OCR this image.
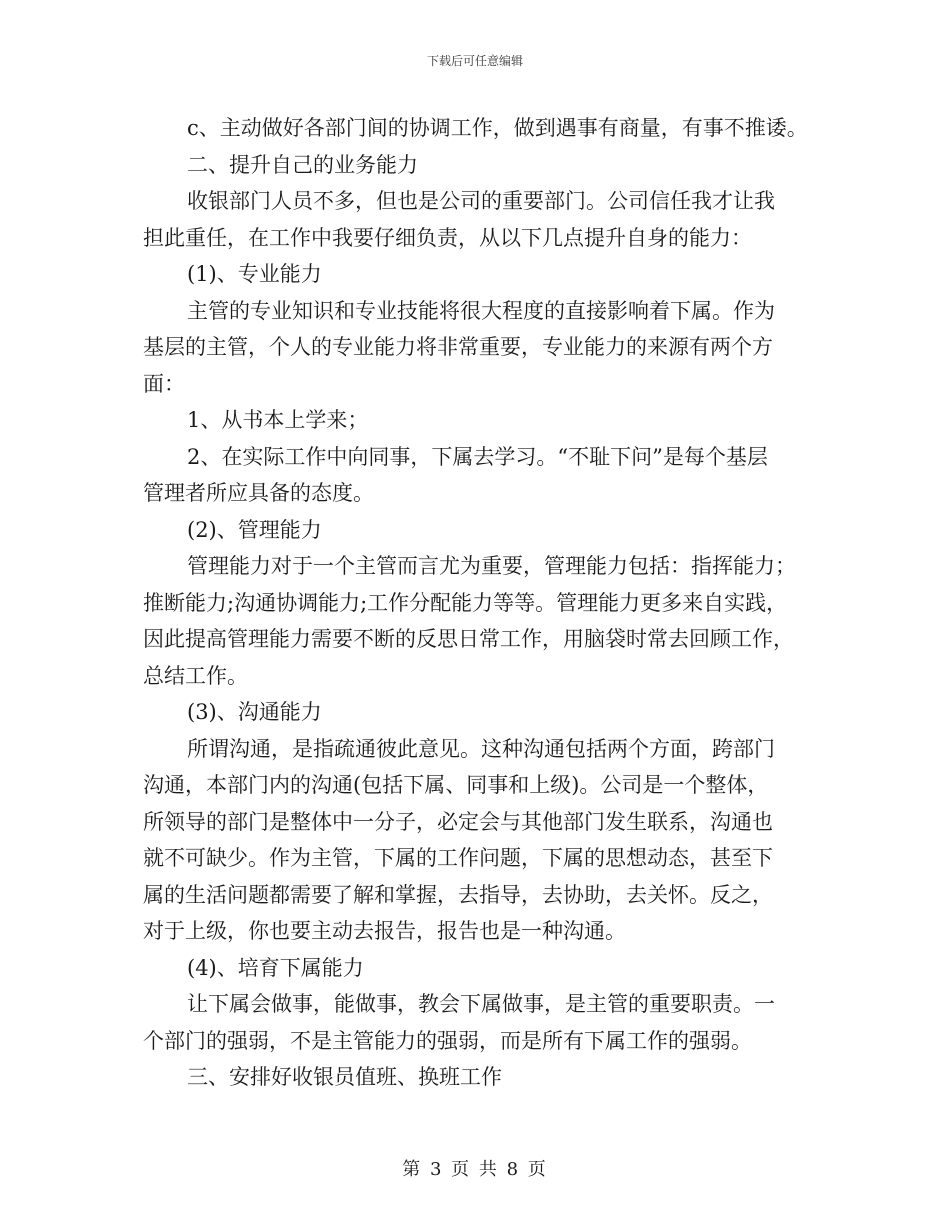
下载后可任意编辑
c、主动做好各部门间的协调工作，做到遇事有商量，有事不推诿。
二、提升自己的业务能力
收银部门人员不多，但也是公司的重要部门。公司信任我才让我
担此重任，在工作中我要仔细负责，从以下几点提升自身的能力：
(1)、专业能力
主管的专业知识和专业技能将很大程度的直接影响着下属。作为
基层的主管，个人的专业能力将非常重要，专业能力的来源有两个方
面：
1、从书本上学来；
2、在实际工作中向同事，下属去学习。“不耻下问”是每个基层
管理者所应具备的态度。
(2)、管理能力
管理能力对于一个主管而言尤为重要，管理能力包括：指挥能力；
推断能力;沟通协调能力;工作分配能力等等。管理能力更多来自实践，
因此提高管理能力需要不断的反思日常工作，用脑袋时常去回顾工作，
总结工作。
(3)、沟通能力
所谓沟通，是指疏通彼此意见。这种沟通包括两个方面，跨部门
沟通，本部门内的沟通(包括下属、同事和上级)。公司是一个整体，
所领导的部门是整体中一分子，必定会与其他部门发生联系，沟通也
就不可缺少。作为主管，下属的工作问题，下属的思想动态，甚至下
属的生活问题都需要了解和掌握，去指导，去协助，去关怀。反之，
对于上级，你也要主动去报告，报告也是一种沟通。
(4)、培育下属能力
让下属会做事，能做事，教会下属做事，是主管的重要职责。一
个部门的强弱，不是主管能力的强弱，而是所有下属工作的强弱。
三、安排好收银员值班、换班工作
第 3 页 共 8 页
